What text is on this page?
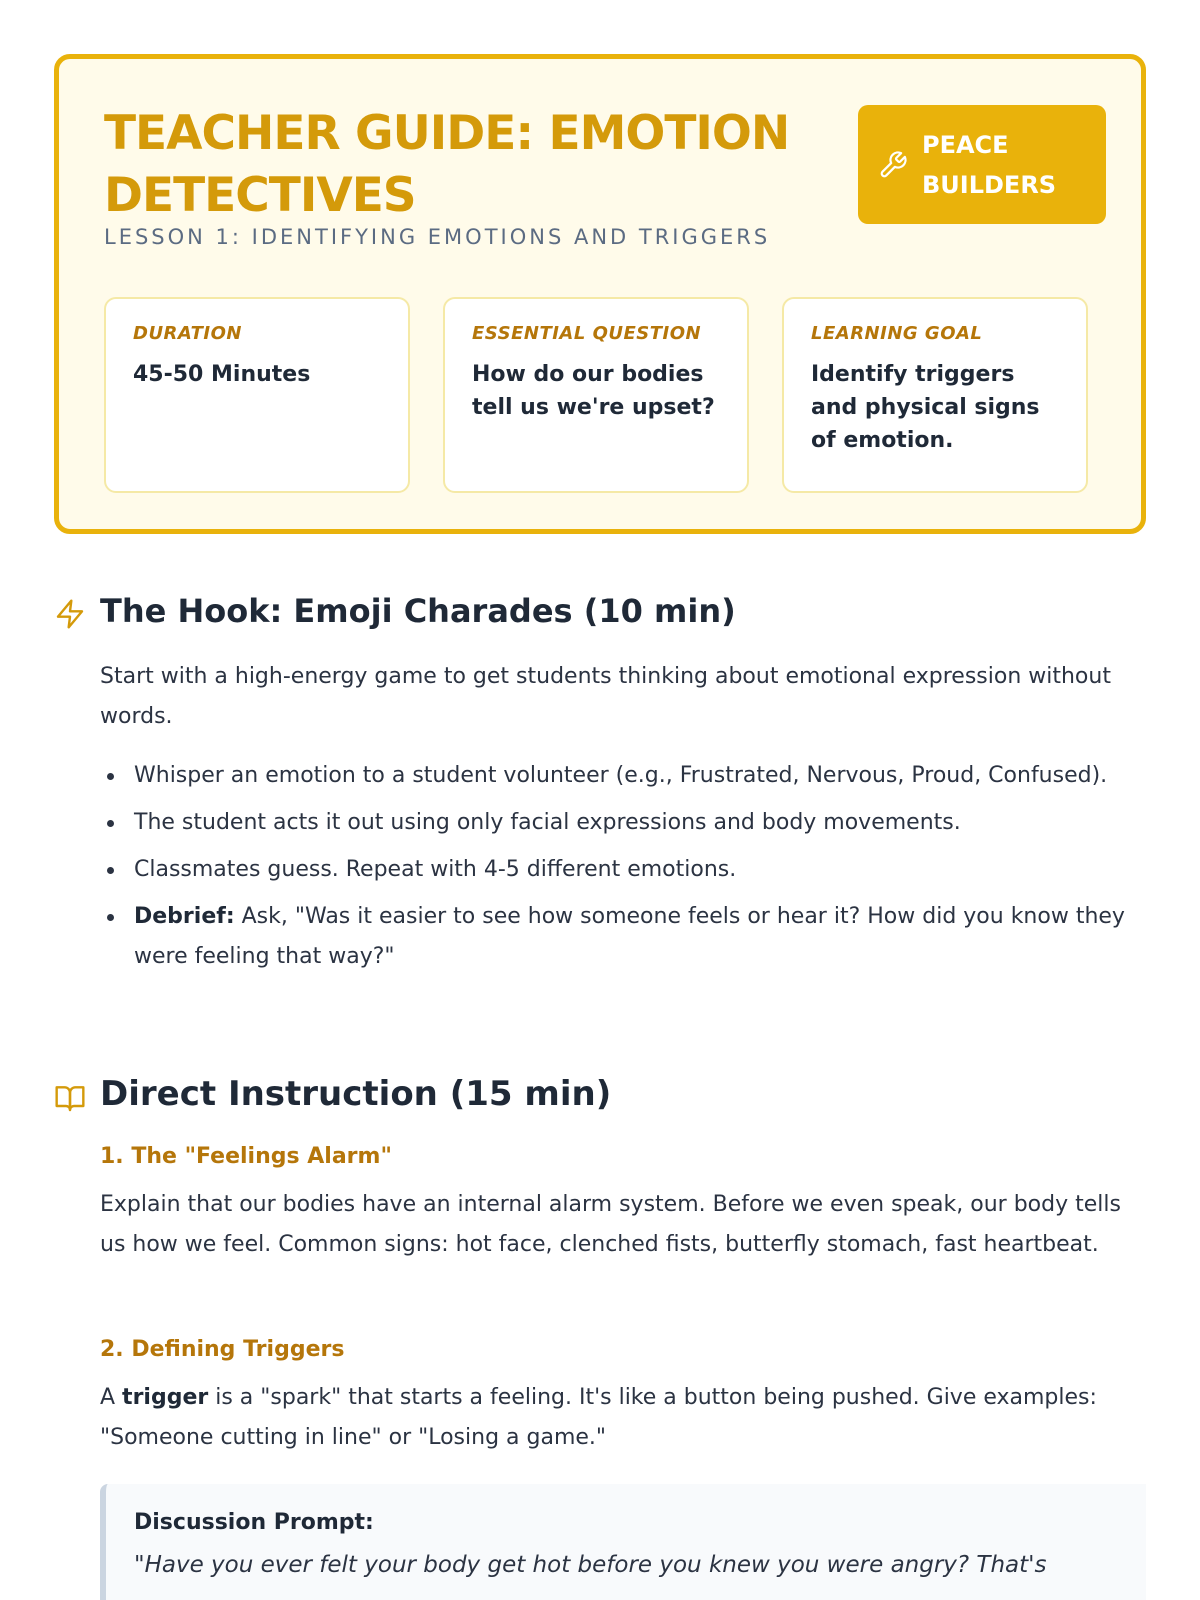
TEACHER GUIDE: EMOTION DETECTIVES
LESSON 1: IDENTIFYING EMOTIONS AND TRIGGERS
PEACE BUILDERS
DURATION
45-50 Minutes
ESSENTIAL QUESTION
How do our bodies tell us we're upset?
LEARNING GOAL
Identify triggers and physical signs of emotion.
The Hook: Emoji Charades (10 min)

Start with a high-energy game to get students thinking about emotional expression without words.

Whisper an emotion to a student volunteer (e.g., Frustrated, Nervous, Proud, Confused).
The student acts it out using only facial expressions and body movements.
Classmates guess. Repeat with 4-5 different emotions.
Debrief: Ask, "Was it easier to see how someone feels or hear it? How did you know they were feeling that way?"
Direct Instruction (15 min)
1. The "Feelings Alarm"

Explain that our bodies have an internal alarm system. Before we even speak, our body tells us how we feel. Common signs: hot face, clenched fists, butterfly stomach, fast heartbeat.

2. Defining Triggers

A trigger is a "spark" that starts a feeling. It's like a button being pushed. Give examples: "Someone cutting in line" or "Losing a game."

Discussion Prompt:
"Have you ever felt your body get hot before you knew you were angry? That's
